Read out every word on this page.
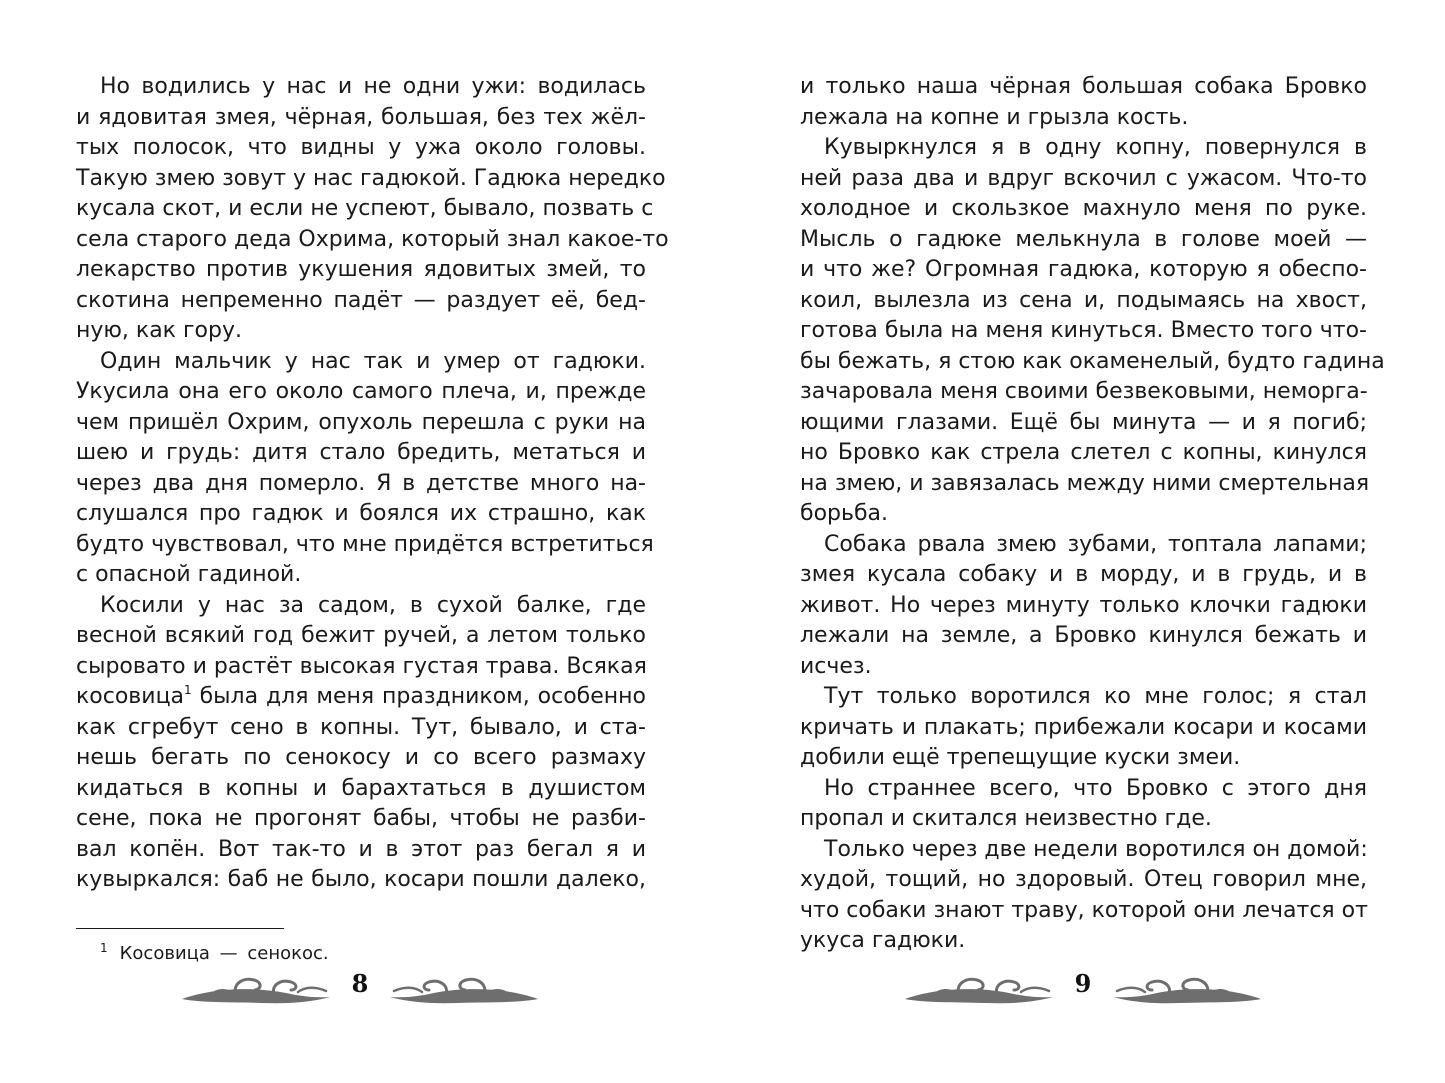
Но водились у нас и не одни ужи: водилась
и ядовитая змея, чёрная, большая, без тех жёл-
тых полосок, что видны у ужа около головы.
Такую змею зовут у нас гадюкой. Гадюка нередко
кусала скот, и если не успеют, бывало, позвать с
села старого деда Охрима, который знал какое-то
лекарство против укушения ядовитых змей, то
скотина непременно падёт — раздует её, бед-
ную, как гору.
Один мальчик у нас так и умер от гадюки.
Укусила она его около самого плеча, и, прежде
чем пришёл Охрим, опухоль перешла с руки на
шею и грудь: дитя стало бредить, метаться и
через два дня померло. Я в детстве много на-
слушался про гадюк и боялся их страшно, как
будто чувствовал, что мне придётся встретиться
с опасной гадиной.
Косили у нас за садом, в сухой балке, где
весной всякий год бежит ручей, а летом только
сыровато и растёт высокая густая трава. Всякая
косовица$^1$ была для меня праздником, особенно
как сгребут сено в копны. Тут, бывало, и ста-
нешь бегать по сенокосу и со всего размаху
кидаться в копны и барахтаться в душистом
сене, пока не прогонят бабы, чтобы не разби-
вал копён. Вот так-то и в этот раз бегал я и
кувыркался: баб не было, косари пошли далеко,
$^1$ Косовица — сенокос.
и только наша чёрная большая собака Бровко
лежала на копне и грызла кость.
Кувыркнулся я в одну копну, повернулся в
ней раза два и вдруг вскочил с ужасом. Что-то
холодное и скользкое махнуло меня по руке.
Мысль о гадюке мелькнула в голове моей —
и что же? Огромная гадюка, которую я обеспо-
коил, вылезла из сена и, подымаясь на хвост,
готова была на меня кинуться. Вместо того что-
бы бежать, я стою как окаменелый, будто гадина
зачаровала меня своими безвековыми, неморга-
ющими глазами. Ещё бы минута — и я погиб;
но Бровко как стрела слетел с копны, кинулся
на змею, и завязалась между ними смертельная
борьба.
Собака рвала змею зубами, топтала лапами;
змея кусала собаку и в морду, и в грудь, и в
живот. Но через минуту только клочки гадюки
лежали на земле, а Бровко кинулся бежать и
исчез.
Тут только воротился ко мне голос; я стал
кричать и плакать; прибежали косари и косами
добили ещё трепещущие куски змеи.
Но страннее всего, что Бровко с этого дня
пропал и скитался неизвестно где.
Только через две недели воротился он домой:
худой, тощий, но здоровый. Отец говорил мне,
что собаки знают траву, которой они лечатся от
укуса гадюки.
8	9
